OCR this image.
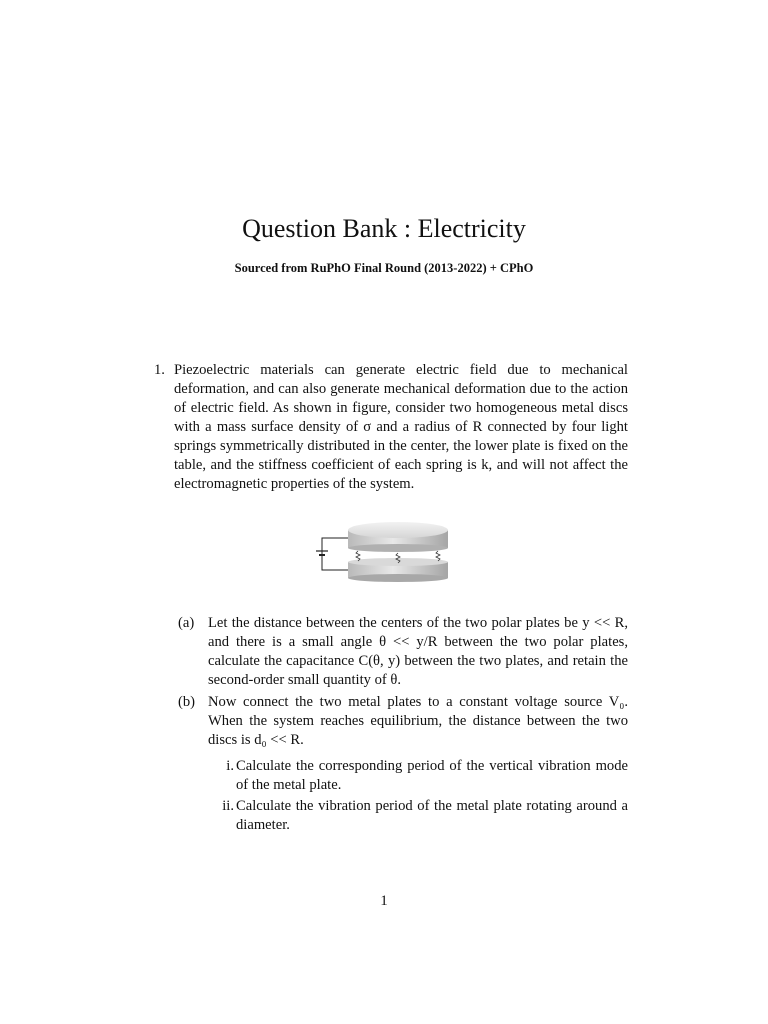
Question Bank : Electricity
Sourced from RuPhO Final Round (2013-2022) + CPhO
1. Piezoelectric materials can generate electric field due to mechanical deformation, and can also generate mechanical deformation due to the action of electric field. As shown in figure, consider two homogeneous metal discs with a mass surface density of σ and a radius of R connected by four light springs symmetrically distributed in the center, the lower plate is fixed on the table, and the stiffness coefficient of each spring is k, and will not affect the electromagnetic properties of the system.
(a) Let the distance between the centers of the two polar plates be y << R, and there is a small angle θ << y/R between the two polar plates, calculate the capacitance C(θ, y) between the two plates, and retain the second-order small quantity of θ.
(b) Now connect the two metal plates to a constant voltage source V₀. When the system reaches equilibrium, the distance between the two discs is d₀ << R.
i. Calculate the corresponding period of the vertical vibration mode of the metal plate.
ii. Calculate the vibration period of the metal plate rotating around a diameter.
1
